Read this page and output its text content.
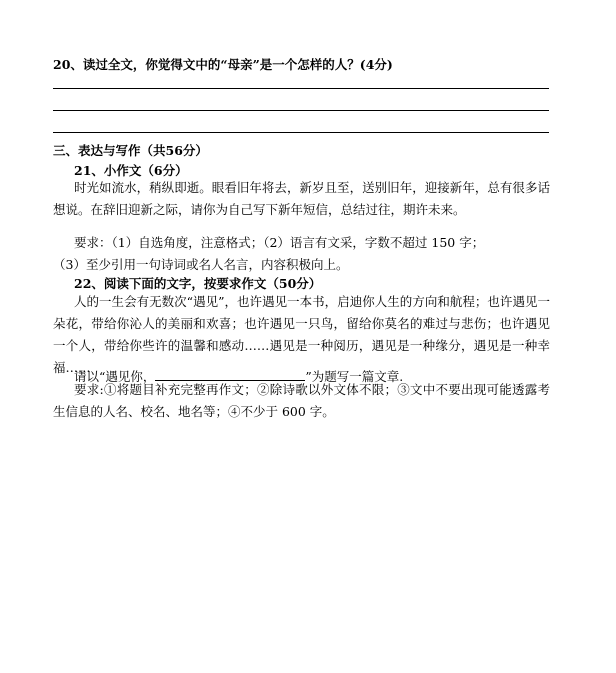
20、读过全文，你觉得文中的“母亲”是一个怎样的人？(4分)
三、表达与写作（共56分）
21、小作文（6分）
时光如流水，稍纵即逝。眼看旧年将去，新岁且至，送别旧年，迎接新年，总有很多话想说。在辞旧迎新之际，请你为自己写下新年短信，总结过往，期许未来。
要求：（1）自选角度，注意格式；（2）语言有文采，字数不超过 150 字；
（3）至少引用一句诗词或名人名言，内容积极向上。
22、阅读下面的文字，按要求作文（50分）
人的一生会有无数次“遇见”，也许遇见一本书，启迪你人生的方向和航程；也许遇见一朵花，带给你沁人的美丽和欢喜；也许遇见一只鸟，留给你莫名的难过与悲伤；也许遇见一个人，带给你些许的温馨和感动……遇见是一种阅历，遇见是一种缘分，遇见是一种幸福……
请以“遇见你，	”为题写一篇文章.
要求:①将题目补充完整再作文；②除诗歌以外文体不限；③文中不要出现可能透露考生信息的人名、校名、地名等；④不少于 600 字。
